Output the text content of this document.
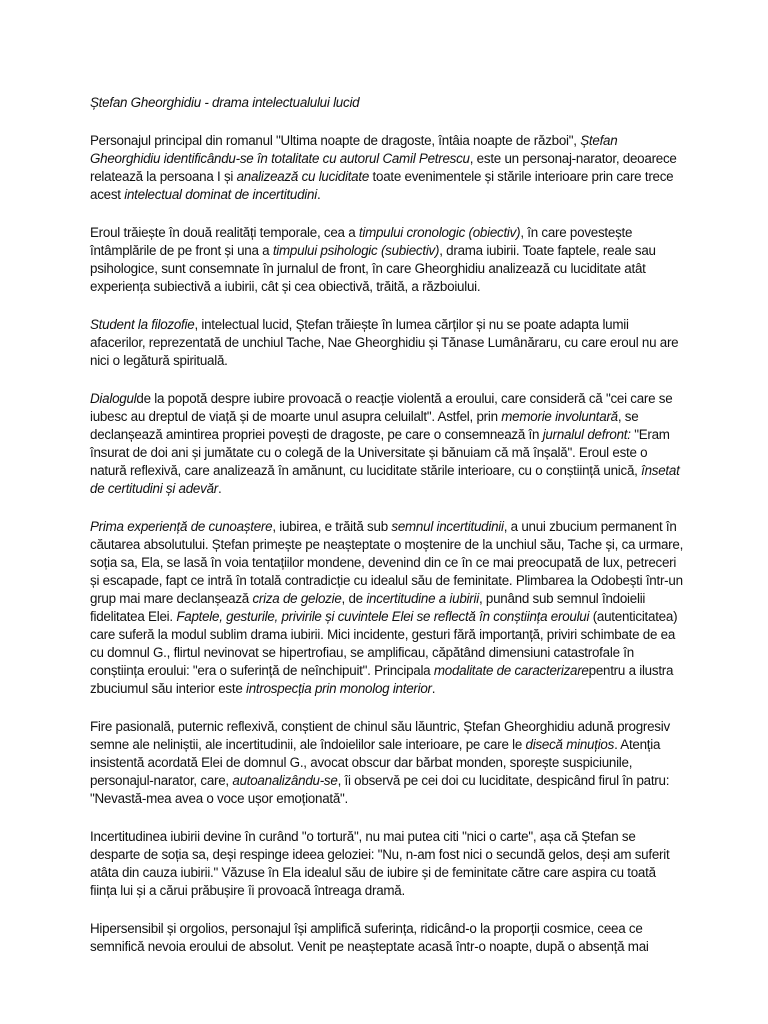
Ștefan Gheorghidiu - drama intelectualului lucid

Personajul principal din romanul "Ultima noapte de dragoste, întâia noapte de război", Ștefan Gheorghidiu identificându-se în totalitate cu autorul Camil Petrescu, este un personaj-narator, deoarece relatează la persoana I și analizează cu luciditate toate evenimentele și stările interioare prin care trece acest intelectual dominat de incertitudini.

Eroul trăiește în două realități temporale, cea a timpului cronologic (obiectiv), în care povestește întâmplările de pe front și una a timpului psihologic (subiectiv), drama iubirii. Toate faptele, reale sau psihologice, sunt consemnate în jurnalul de front, în care Gheorghidiu analizează cu luciditate atât experiența subiectivă a iubirii, cât și cea obiectivă, trăită, a războiului.

Student la filozofie, intelectual lucid, Ștefan trăiește în lumea cărților și nu se poate adapta lumii afacerilor, reprezentată de unchiul Tache, Nae Gheorghidiu și Tănase Lumânăraru, cu care eroul nu are nici o legătură spirituală.

Dialogulde la popotă despre iubire provoacă o reacție violentă a eroului, care consideră că "cei care se iubesc au dreptul de viață și de moarte unul asupra celuilalt". Astfel, prin memorie involuntară, se declanșează amintirea propriei povești de dragoste, pe care o consemnează în jurnalul defront: "Eram însurat de doi ani și jumătate cu o colegă de la Universitate și bănuiam că mă înșală". Eroul este o natură reflexivă, care analizează în amănunt, cu luciditate stările interioare, cu o conștiință unică, însetat de certitudini și adevăr.

Prima experiență de cunoaștere, iubirea, e trăită sub semnul incertitudinii, a unui zbucium permanent în căutarea absolutului. Ștefan primește pe neașteptate o moștenire de la unchiul său, Tache și, ca urmare, soția sa, Ela, se lasă în voia tentațiilor mondene, devenind din ce în ce mai preocupată de lux, petreceri și escapade, fapt ce intră în totală contradicție cu idealul său de feminitate. Plimbarea la Odobești într-un grup mai mare declanșează criza de gelozie, de incertitudine a iubirii, punând sub semnul îndoielii fidelitatea Elei. Faptele, gesturile, privirile și cuvintele Elei se reflectă în conștiința eroului (autenticitatea) care suferă la modul sublim drama iubirii. Mici incidente, gesturi fără importanță, priviri schimbate de ea cu domnul G., flirtul nevinovat se hipertrofiau, se amplificau, căpătând dimensiuni catastrofale în conștiința eroului: "era o suferință de neînchipuit". Principala modalitate de caracterizarepentru a ilustra zbuciumul său interior este introspecția prin monolog interior.

Fire pasională, puternic reflexivă, conștient de chinul său lăuntric, Ștefan Gheorghidiu adună progresiv semne ale neliniștii, ale incertitudinii, ale îndoielilor sale interioare, pe care le disecă minuțios. Atenția insistentă acordată Elei de domnul G., avocat obscur dar bărbat monden, sporește suspiciunile, personajul-narator, care, autoanalizându-se, îi observă pe cei doi cu luciditate, despicând firul în patru: "Nevastă-mea avea o voce ușor emoționată".

Incertitudinea iubirii devine în curând "o tortură", nu mai putea citi "nici o carte", așa că Ștefan se desparte de soția sa, deși respinge ideea geloziei: "Nu, n-am fost nici o secundă gelos, deși am suferit atâta din cauza iubirii." Văzuse în Ela idealul său de iubire și de feminitate către care aspira cu toată ființa lui și a cărui prăbușire îi provoacă întreaga dramă.

Hipersensibil și orgolios, personajul își amplifică suferința, ridicând-o la proporții cosmice, ceea ce semnifică nevoia eroului de absolut. Venit pe neașteptate acasă într-o noapte, după o absență mai
